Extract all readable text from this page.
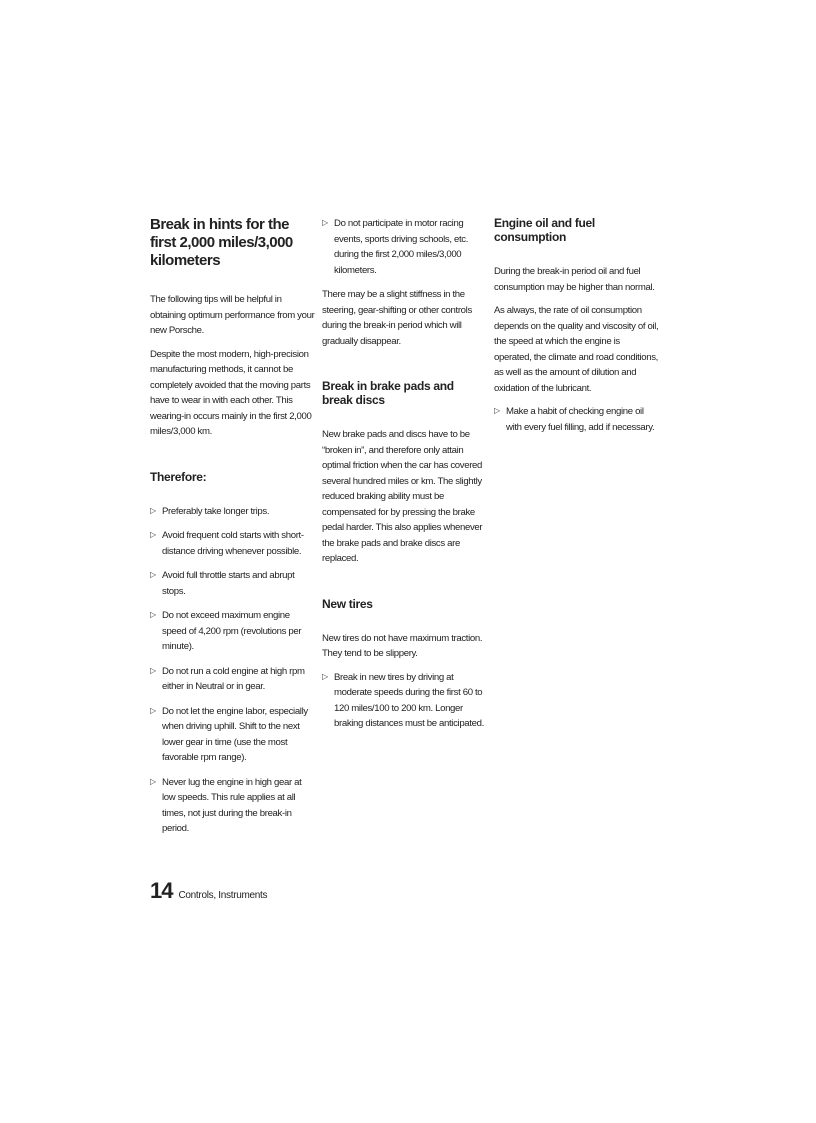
Break in hints for the first 2,000 miles/3,000 kilometers

The following tips will be helpful in obtaining optimum performance from your new Porsche.

Despite the most modern, high-precision manufacturing methods, it cannot be completely avoided that the moving parts have to wear in with each other. This wearing-in occurs mainly in the first 2,000 miles/3,000 km.

Therefore:
▷ Preferably take longer trips.
▷ Avoid frequent cold starts with short-distance driving whenever possible.
▷ Avoid full throttle starts and abrupt stops.
▷ Do not exceed maximum engine speed of 4,200 rpm (revolutions per minute).
▷ Do not run a cold engine at high rpm either in Neutral or in gear.
▷ Do not let the engine labor, especially when driving uphill. Shift to the next lower gear in time (use the most favorable rpm range).
▷ Never lug the engine in high gear at low speeds. This rule applies at all times, not just during the break-in period.
▷ Do not participate in motor racing events, sports driving schools, etc. during the first 2,000 miles/3,000 kilometers.

There may be a slight stiffness in the steering, gear-shifting or other controls during the break-in period which will gradually disappear.

Break in brake pads and break discs

New brake pads and discs have to be “broken in”, and therefore only attain optimal friction when the car has covered several hundred miles or km. The slightly reduced braking ability must be compensated for by pressing the brake pedal harder. This also applies whenever the brake pads and brake discs are replaced.

New tires

New tires do not have maximum traction. They tend to be slippery.

▷ Break in new tires by driving at moderate speeds during the first 60 to 120 miles/100 to 200 km. Longer braking distances must be anticipated.
Engine oil and fuel consumption

During the break-in period oil and fuel consumption may be higher than normal.

As always, the rate of oil consumption depends on the quality and viscosity of oil, the speed at which the engine is operated, the climate and road conditions, as well as the amount of dilution and oxidation of the lubricant.

▷ Make a habit of checking engine oil with every fuel filling, add if necessary.
14 Controls, Instruments
